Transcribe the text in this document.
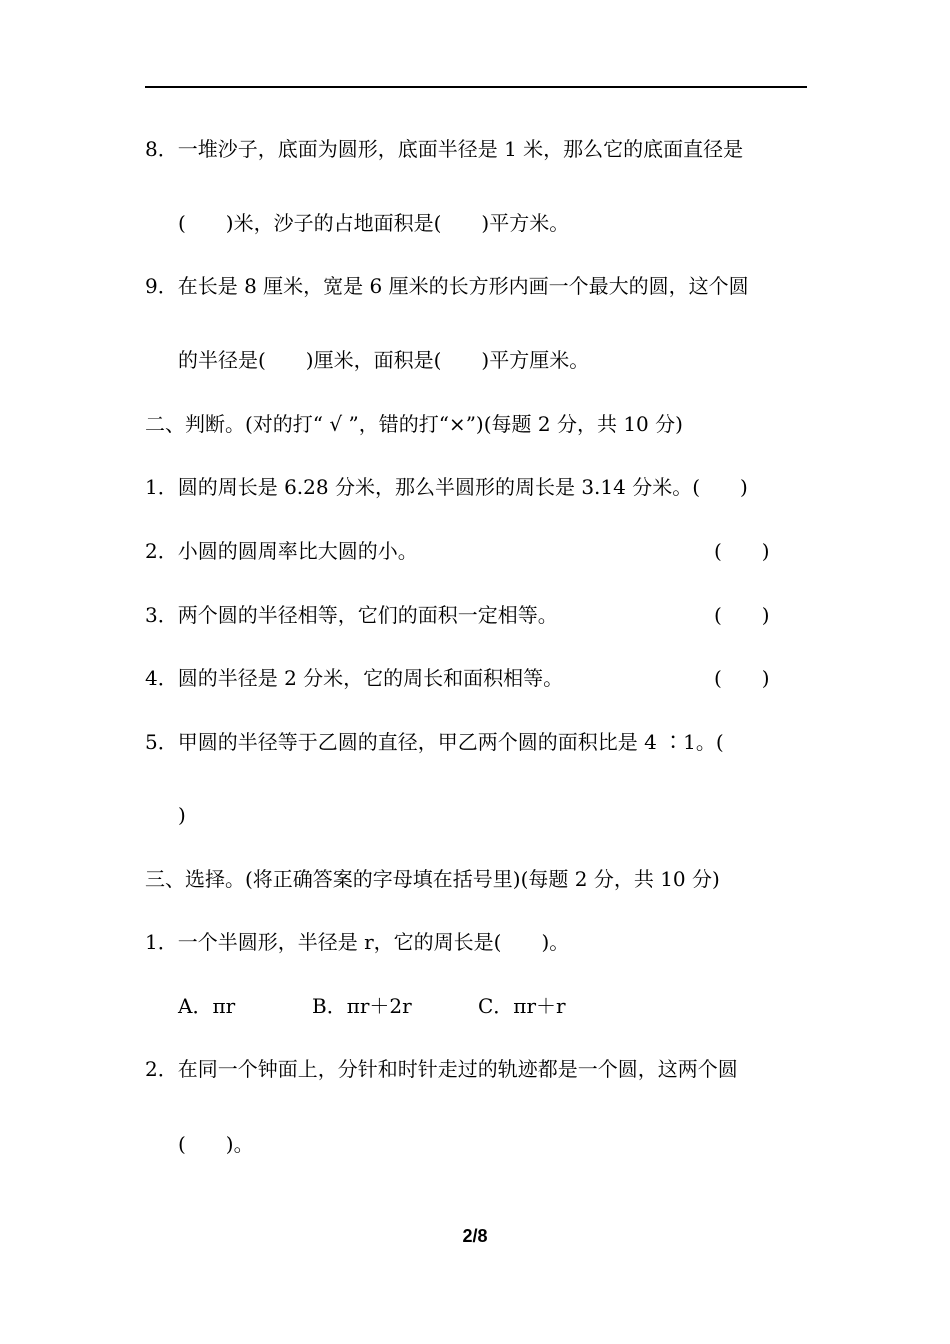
8．一堆沙子，底面为圆形，底面半径是 1 米，那么它的底面直径是
(　　)米，沙子的占地面积是(　　)平方米。
9．在长是 8 厘米，宽是 6 厘米的长方形内画一个最大的圆，这个圆
的半径是(　　)厘米，面积是(　　)平方厘米。
二、判断。(对的打“ √ ”，错的打“×”)(每题 2 分，共 10 分)
1．圆的周长是 6.28 分米，那么半圆形的周长是 3.14 分米。(　　)
2．小圆的圆周率比大圆的小。	(　　)
3．两个圆的半径相等，它们的面积一定相等。	(　　)
4．圆的半径是 2 分米，它的周长和面积相等。	(　　)
5．甲圆的半径等于乙圆的直径，甲乙两个圆的面积比是 4 ∶1。(
)
三、选择。(将正确答案的字母填在括号里)(每题 2 分，共 10 分)
1．一个半圆形，半径是 r，它的周长是(　　)。
A．πr	B．πr＋2r	C．πr＋r
2．在同一个钟面上，分针和时针走过的轨迹都是一个圆，这两个圆
(　　)。
2/8
